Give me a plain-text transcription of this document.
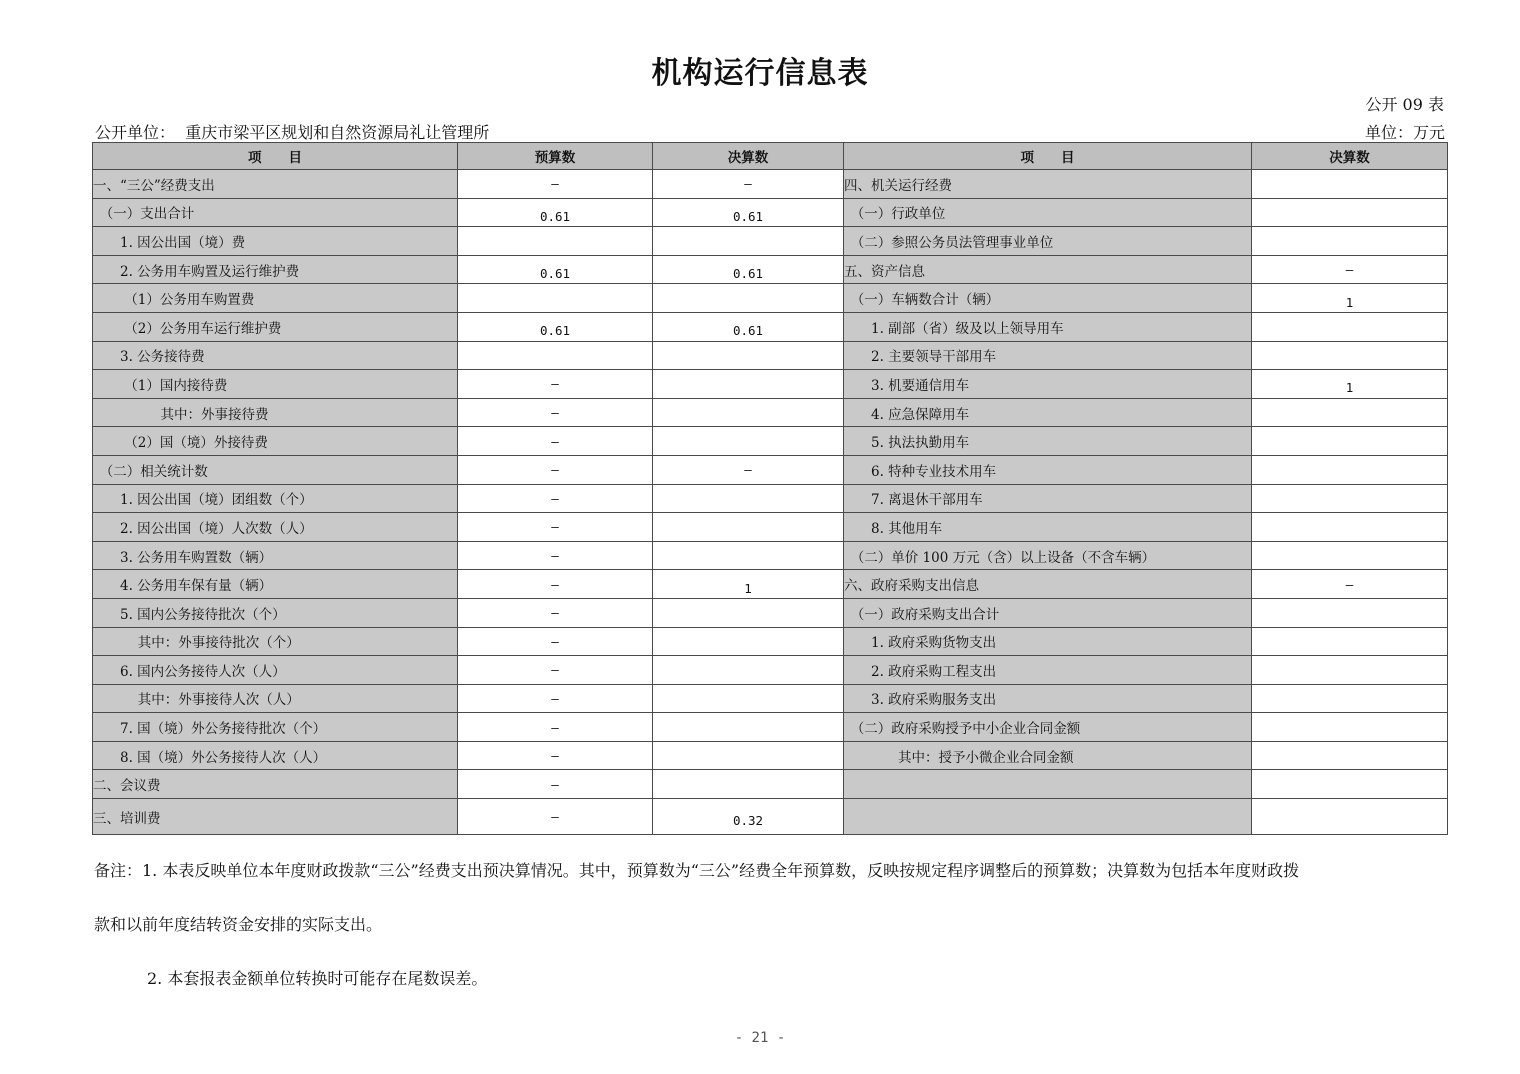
机构运行信息表
公开 09 表
公开单位： 重庆市梁平区规划和自然资源局礼让管理所	单位：万元
项　　目	预算数	决算数	项　　目	决算数
一、“三公”经费支出	—	—	四、机关运行经费	
　（一）支出合计	0.61	0.61	　（一）行政单位	
　　1. 因公出国（境）费			　（二）参照公务员法管理事业单位	
　　2. 公务用车购置及运行维护费	0.61	0.61	五、资产信息	—
　　 （1）公务用车购置费			　（一）车辆数合计（辆）	1
　　 （2）公务用车运行维护费	0.61	0.61	　　1. 副部（省）级及以上领导用车	
　　3. 公务接待费			　　2. 主要领导干部用车	
　　 （1）国内接待费	—		　　3. 机要通信用车	1
　　　　　其中：外事接待费	—		　　4. 应急保障用车	
　　 （2）国（境）外接待费	—		　　5. 执法执勤用车	
　（二）相关统计数	—	—	　　6. 特种专业技术用车	
　　1. 因公出国（境）团组数（个）	—		　　7. 离退休干部用车	
　　2. 因公出国（境）人次数（人）	—		　　8. 其他用车	
　　3. 公务用车购置数（辆）	—		　（二）单价 100 万元（含）以上设备（不含车辆）	
　　4. 公务用车保有量（辆）	—	1	六、政府采购支出信息	—
　　5. 国内公务接待批次（个）	—		　（一）政府采购支出合计	
　　　 其中：外事接待批次（个）	—		　　1. 政府采购货物支出	
　　6. 国内公务接待人次（人）	—		　　2. 政府采购工程支出	
　　　 其中：外事接待人次（人）	—		　　3. 政府采购服务支出	
　　7. 国（境）外公务接待批次（个）	—		　（二）政府采购授予中小企业合同金额	
　　8. 国（境）外公务接待人次（人）	—		　　　　其中：授予小微企业合同金额	
二、会议费	—			
三、培训费	—	0.32		
备注：1. 本表反映单位本年度财政拨款“三公”经费支出预决算情况。其中，预算数为“三公”经费全年预算数，反映按规定程序调整后的预算数；决算数为包括本年度财政拨
款和以前年度结转资金安排的实际支出。
2. 本套报表金额单位转换时可能存在尾数误差。
- 21 -
